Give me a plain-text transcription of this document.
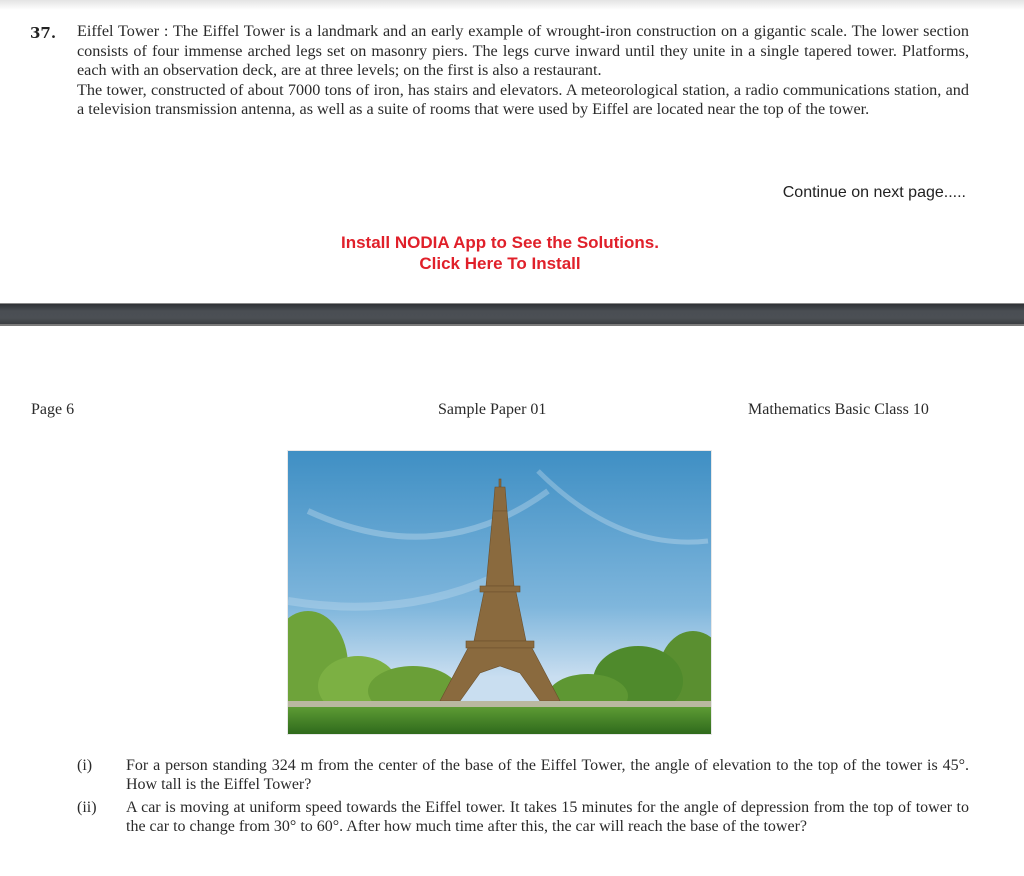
37. Eiffel Tower : The Eiffel Tower is a landmark and an early example of wrought-iron construction on a gigantic scale. The lower section consists of four immense arched legs set on masonry piers. The legs curve inward until they unite in a single tapered tower. Platforms, each with an observation deck, are at three levels; on the first is also a restaurant.

The tower, constructed of about 7000 tons of iron, has stairs and elevators. A meteorological station, a radio communications station, and a television transmission antenna, as well as a suite of rooms that were used by Eiffel are located near the top of the tower.

Continue on next page.....
Install NODIA App to See the Solutions.
Click Here To Install
Page 6	Sample Paper 01	Mathematics Basic Class 10
(i) For a person standing 324 m from the center of the base of the Eiffel Tower, the angle of elevation to the top of the tower is 45°. How tall is the Eiffel Tower?
(ii) A car is moving at uniform speed towards the Eiffel tower. It takes 15 minutes for the angle of depression from the top of tower to the car to change from 30° to 60°. After how much time after this, the car will reach the base of the tower?
